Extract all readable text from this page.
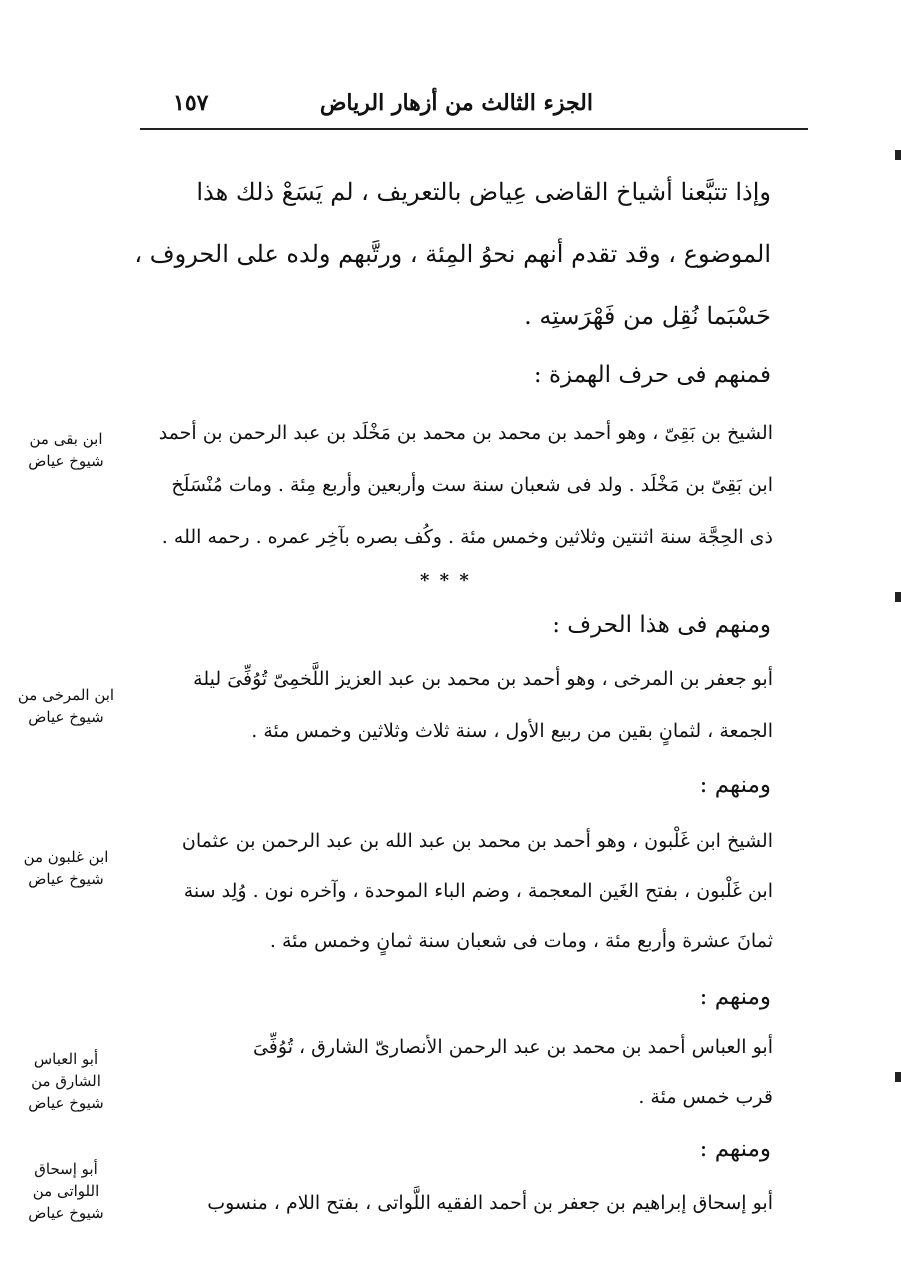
الجزء الثالث من أزهار الرياض
١٥٧
وإذا تتبَّعنا أشياخ القاضى عِياض بالتعريف ، لم يَسَعْ ذلك هذا
الموضوع ، وقد تقدم أنهم نحوُ المِئة ، ورتَّبهم ولده على الحروف ،
حَسْبَما نُقِل من فَهْرَستِه .
فمنهم فى حرف الهمزة :
الشيخ بن بَقِىّ ، وهو أحمد بن محمد بن محمد بن مَخْلَد بن عبد الرحمن بن أحمد
ابن بَقِىّ بن مَخْلَد . ولد فى شعبان سنة ست وأربعين وأربع مِئة . ومات مُنْسَلَخ
ذى الحِجَّة سنة اثنتين وثلاثين وخمس مئة . وكُف بصره بآخِر عمره . رحمه الله .
ابن بقى من
شيوخ عياض
* * *
ومنهم فى هذا الحرف :
أبو جعفر بن المرخى ، وهو أحمد بن محمد بن عبد العزيز اللَّخمِىّ تُوُفِّىَ ليلة
الجمعة ، لثمانٍ بقين من ربيع الأول ، سنة ثلاث وثلاثين وخمس مئة .
ابن المرخى من
شيوخ عياض
ومنهم :
الشيخ ابن غَلْبون ، وهو أحمد بن محمد بن عبد الله بن عبد الرحمن بن عثمان
ابن غَلْبون ، بفتح الغَين المعجمة ، وضم الباء الموحدة ، وآخره نون . وُلِد سنة
ثمانَ عشرة وأربع مئة ، ومات فى شعبان سنة ثمانٍ وخمس مئة .
ابن غلبون من
شيوخ عياض
ومنهم :
أبو العباس أحمد بن محمد بن عبد الرحمن الأنصارىّ الشارق ، تُوُفِّىَ
قرب خمس مئة .
أبو العباس
الشارق من
شيوخ عياض
ومنهم :
أبو إسحاق إبراهيم بن جعفر بن أحمد الفقيه اللَّواتى ، بفتح اللام ، منسوب
أبو إسحاق
اللواتى من
شيوخ عياض
